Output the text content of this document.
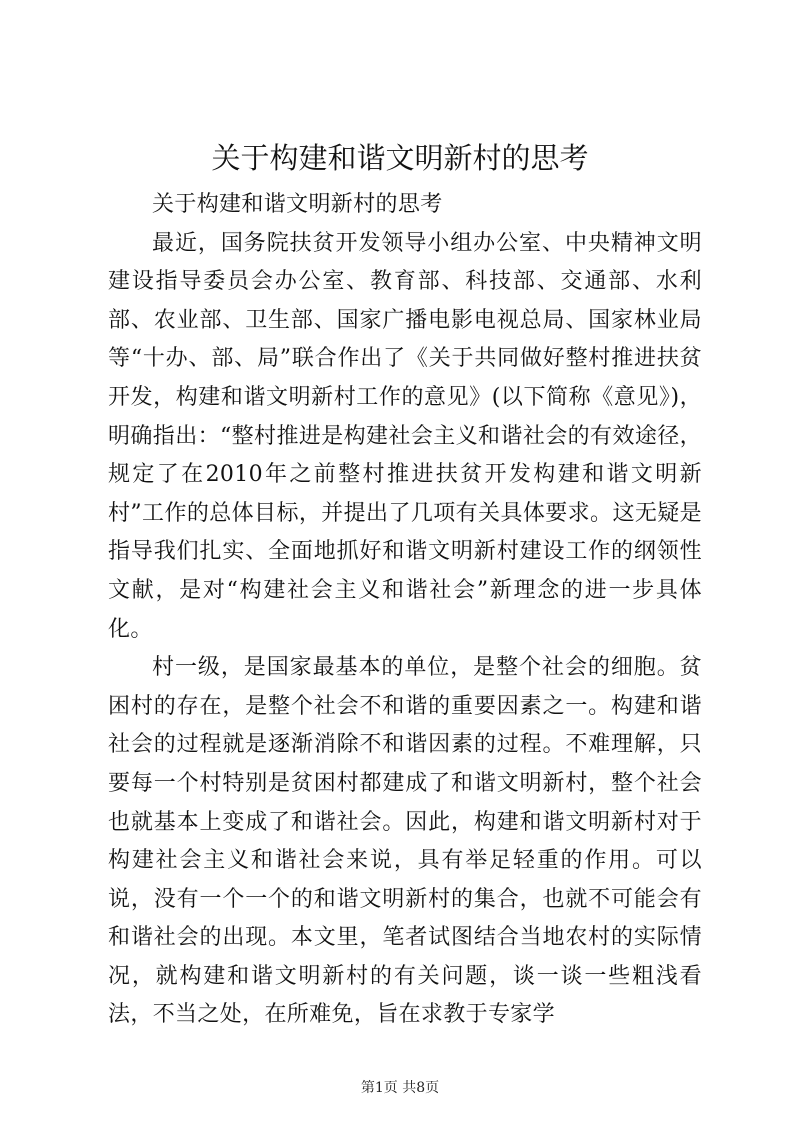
关于构建和谐文明新村的思考

关于构建和谐文明新村的思考

最近，国务院扶贫开发领导小组办公室、中央精神文明建设指导委员会办公室、教育部、科技部、交通部、水利部、农业部、卫生部、国家广播电影电视总局、国家林业局等“十办、部、局”联合作出了《关于共同做好整村推进扶贫开发，构建和谐文明新村工作的意见》(以下简称《意见》)，明确指出：“整村推进是构建社会主义和谐社会的有效途径，规定了在2010年之前整村推进扶贫开发构建和谐文明新村”工作的总体目标，并提出了几项有关具体要求。这无疑是指导我们扎实、全面地抓好和谐文明新村建设工作的纲领性文献，是对“构建社会主义和谐社会”新理念的进一步具体化。

村一级，是国家最基本的单位，是整个社会的细胞。贫困村的存在，是整个社会不和谐的重要因素之一。构建和谐社会的过程就是逐渐消除不和谐因素的过程。不难理解，只要每一个村特别是贫困村都建成了和谐文明新村，整个社会也就基本上变成了和谐社会。因此，构建和谐文明新村对于构建社会主义和谐社会来说，具有举足轻重的作用。可以说，没有一个一个的和谐文明新村的集合，也就不可能会有和谐社会的出现。本文里，笔者试图结合当地农村的实际情况，就构建和谐文明新村的有关问题，谈一谈一些粗浅看法，不当之处，在所难免，旨在求教于专家学

第1页 共8页
